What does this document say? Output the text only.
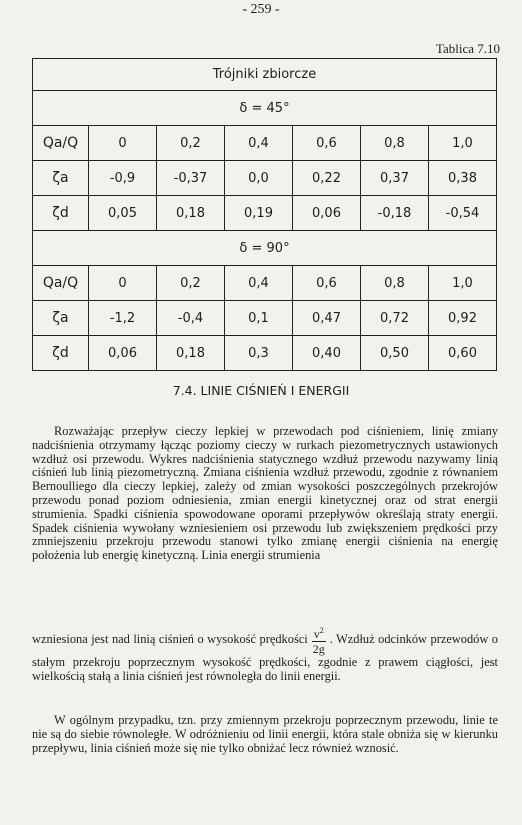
- 259 -
Tablica 7.10
Trójniki zbiorcze						
δ = 45°						
Qa/Q	0	0,2	0,4	0,6	0,8	1,0
ζa	-0,9	-0,37	0,0	0,22	0,37	0,38
ζd	0,05	0,18	0,19	0,06	-0,18	-0,54
δ = 90°						
Qa/Q	0	0,2	0,4	0,6	0,8	1,0
ζa	-1,2	-0,4	0,1	0,47	0,72	0,92
ζd	0,06	0,18	0,3	0,40	0,50	0,60
7.4. LINIE CIŚNIEŃ I ENERGII

Rozważając przepływ cieczy lepkiej w przewodach pod ciśnieniem, linię zmiany nadciśnienia otrzymamy łącząc poziomy cieczy w rurkach piezometrycznych ustawionych wzdłuż osi przewodu. Wykres nadciśnienia statycznego wzdłuż przewodu nazywamy linią ciśnień lub linią piezometryczną. Zmiana ciśnienia wzdłuż przewodu, zgodnie z równaniem Bernoulliego dla cieczy lepkiej, zależy od zmian wysokości poszczególnych przekrojów przewodu ponad poziom odniesienia, zmian energii kinetycznej oraz od strat energii strumienia. Spadki ciśnienia spowodowane oporami przepływów określają straty energii. Spadek ciśnienia wywołany wzniesieniem osi przewodu lub zwiększeniem prędkości przy zmniejszeniu przekroju przewodu stanowi tylko zmianę energii ciśnienia na energię położenia lub energię kinetyczną. Linia energii strumienia

wzniesiona jest nad linią ciśnień o wysokość prędkości $\frac{v^2}{2g}$ . Wzdłuż odcinków przewodów o stałym przekroju poprzecznym wysokość prędkości, zgodnie z prawem ciągłości, jest wielkością stałą a linia ciśnień jest równoległa do linii energii.

W ogólnym przypadku, tzn. przy zmiennym przekroju poprzecznym przewodu, linie te nie są do siebie równoległe. W odróżnieniu od linii energii, która stale obniża się w kierunku przepływu, linia ciśnień może się nie tylko obniżać lecz również wznosić.
